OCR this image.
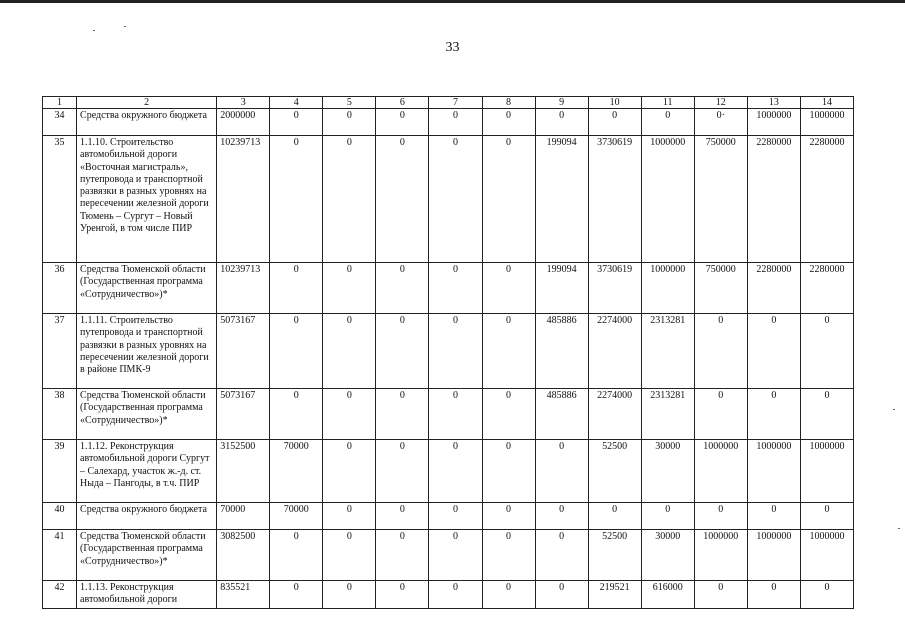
33
1	2	3	4	5	6	7	8	9	10	11	12	13	14
34	Средства окружного бюджета	2000000	0	0	0	0	0	0	0	0	0·	1000000	1000000
35	1.1.10. Строительство автомобильной дороги «Восточная магистраль», путепровода и транспортной развязки в разных уровнях на пересечении железной дороги Тюмень – Сургут – Новый Уренгой, в том числе ПИР	10239713	0	0	0	0	0	199094	3730619	1000000	750000	2280000	2280000
36	Средства Тюменской области (Государственная программа «Сотрудничество»)*	10239713	0	0	0	0	0	199094	3730619	1000000	750000	2280000	2280000
37	1.1.11. Строительство путепровода и транспортной развязки в разных уровнях на пересечении железной дороги в районе ПМК-9	5073167	0	0	0	0	0	485886	2274000	2313281	0	0	0
38	Средства Тюменской области (Государственная программа «Сотрудничество»)*	5073167	0	0	0	0	0	485886	2274000	2313281	0	0	0
39	1.1.12. Реконструкция автомобильной дороги Сургут – Салехард, участок ж.-д. ст. Ныда – Пангоды, в т.ч. ПИР	3152500	70000	0	0	0	0	0	52500	30000	1000000	1000000	1000000
40	Средства окружного бюджета	70000	70000	0	0	0	0	0	0	0	0	0	0
41	Средства Тюменской области (Государственная программа «Сотрудничество»)*	3082500	0	0	0	0	0	0	52500	30000	1000000	1000000	1000000
42	1.1.13. Реконструкция автомобильной дороги	835521	0	0	0	0	0	0	219521	616000	0	0	0
